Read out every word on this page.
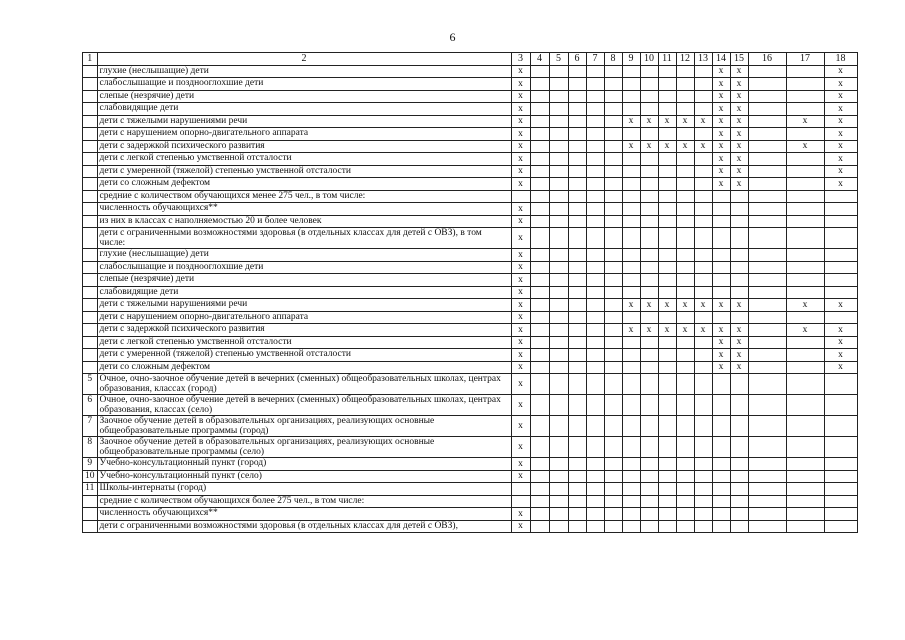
6
1	2	3	4	5	6	7	8	9	10	11	12	13	14	15	16	17	18
	глухие (неслышащие) дети	x											x	x			x
	слабослышащие и позднооглохшие дети	x											x	x			x
	слепые (незрячие) дети	x											x	x			x
	слабовидящие дети	x											x	x			x
	дети с тяжелыми нарушениями речи	x						x	x	x	x	x	x	x		x	x
	дети с нарушением опорно-двигательного аппарата	x											x	x			x
	дети с задержкой психического развития	x						x	x	x	x	x	x	x		x	x
	дети с легкой степенью умственной отсталости	x											x	x			x
	дети с умеренной (тяжелой) степенью умственной отсталости	x											x	x			x
	дети со сложным дефектом	x											x	x			x
	средние с количеством обучающихся менее 275 чел., в том числе:																
	численность обучающихся**	x															
	из них в классах с наполняемостью 20 и более человек	x															
	дети с ограниченными возможностями здоровья (в отдельных классах для детей с ОВЗ), в том числе:	x															
	глухие (неслышащие) дети	x															
	слабослышащие и позднооглохшие дети	x															
	слепые (незрячие) дети	x															
	слабовидящие дети	x															
	дети с тяжелыми нарушениями речи	x						x	x	x	x	x	x	x		x	x
	дети с нарушением опорно-двигательного аппарата	x															
	дети с задержкой психического развития	x						x	x	x	x	x	x	x		x	x
	дети с легкой степенью умственной отсталости	x											x	x			x
	дети с умеренной (тяжелой) степенью умственной отсталости	x											x	x			x
	дети со сложным дефектом	x											x	x			x
5	Очное, очно-заочное обучение детей в вечерних (сменных) общеобразовательных школах, центрах образования, классах (город)	x															
6	Очное, очно-заочное обучение детей в вечерних (сменных) общеобразовательных школах, центрах образования, классах (село)	x															
7	Заочное обучение детей в образовательных организациях, реализующих основные общеобразовательные программы (город)	x															
8	Заочное обучение детей в образовательных организациях, реализующих основные общеобразовательные программы (село)	x															
9	Учебно-консультационный пункт (город)	x															
10	Учебно-консультационный пункт (село)	x															
11	Школы-интернаты (город)																
	средние с количеством обучающихся более 275 чел., в том числе:																
	численность обучающихся**	x															
	дети с ограниченными возможностями здоровья (в отдельных классах для детей с ОВЗ),	x															
